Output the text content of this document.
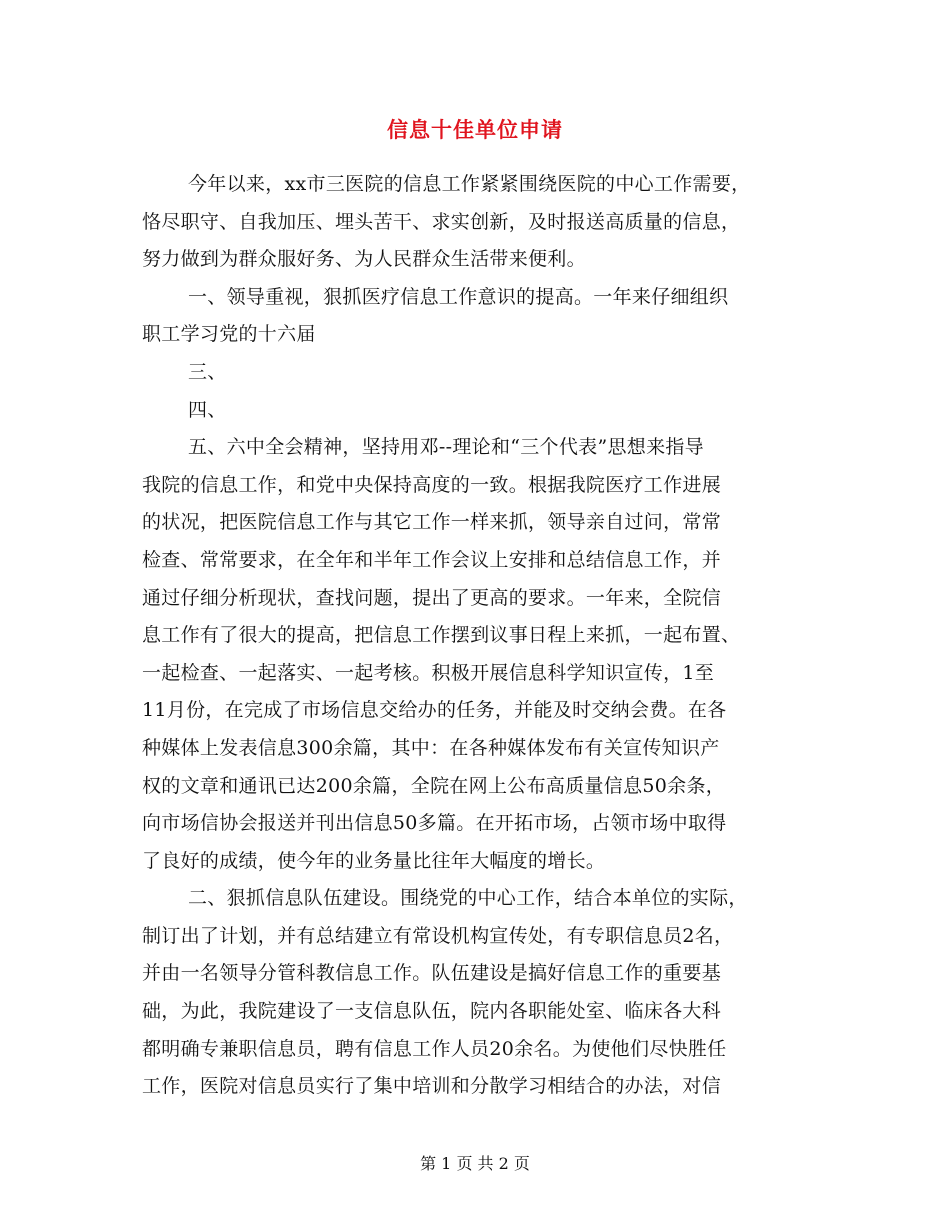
信息十佳单位申请
今年以来，xx市三医院的信息工作紧紧围绕医院的中心工作需要，
恪尽职守、自我加压、埋头苦干、求实创新，及时报送高质量的信息，
努力做到为群众服好务、为人民群众生活带来便利。
一、领导重视，狠抓医疗信息工作意识的提高。一年来仔细组织
职工学习党的十六届
三、
四、
五、六中全会精神，坚持用邓--理论和“三个代表”思想来指导
我院的信息工作，和党中央保持高度的一致。根据我院医疗工作进展
的状况，把医院信息工作与其它工作一样来抓，领导亲自过问，常常
检查、常常要求，在全年和半年工作会议上安排和总结信息工作，并
通过仔细分析现状，查找问题，提出了更高的要求。一年来，全院信
息工作有了很大的提高，把信息工作摆到议事日程上来抓，一起布置、
一起检查、一起落实、一起考核。积极开展信息科学知识宣传，1至
11月份，在完成了市场信息交给办的任务，并能及时交纳会费。在各
种媒体上发表信息300余篇，其中：在各种媒体发布有关宣传知识产
权的文章和通讯已达200余篇，全院在网上公布高质量信息50余条，
向市场信协会报送并刊出信息50多篇。在开拓市场，占领市场中取得
了良好的成绩，使今年的业务量比往年大幅度的增长。
二、狠抓信息队伍建设。围绕党的中心工作，结合本单位的实际，
制订出了计划，并有总结建立有常设机构宣传处，有专职信息员2名，
并由一名领导分管科教信息工作。队伍建设是搞好信息工作的重要基
础，为此，我院建设了一支信息队伍，院内各职能处室、临床各大科
都明确专兼职信息员，聘有信息工作人员20余名。为使他们尽快胜任
工作，医院对信息员实行了集中培训和分散学习相结合的办法，对信
第 1 页 共 2 页
